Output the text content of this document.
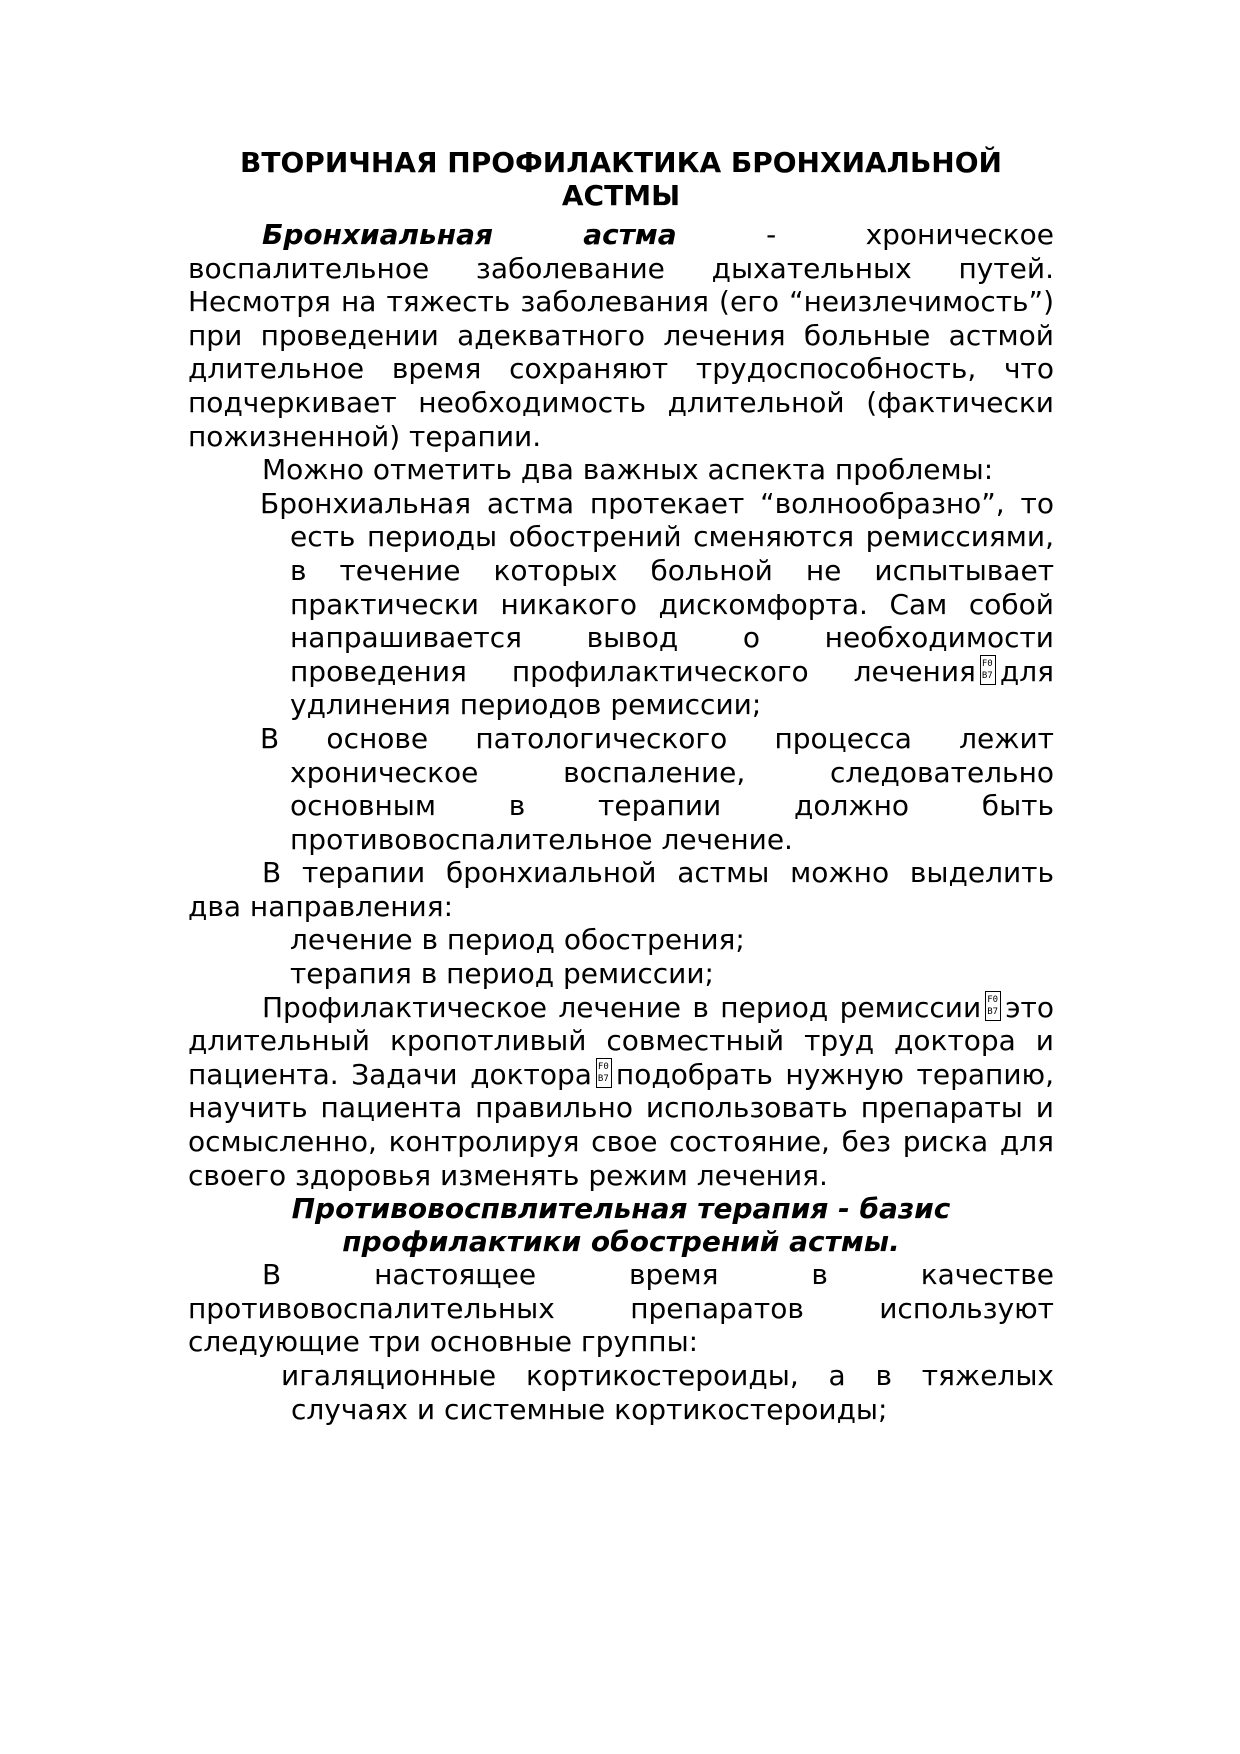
ВТОРИЧНАЯ ПРОФИЛАКТИКА БРОНХИАЛЬНОЙ АСТМЫ

Бронхиальная астма - хроническое воспалительное заболевание дыхательных путей. Несмотря на тяжесть заболевания (его “неизлечимость”) при проведении адекватного лечения больные астмой длительное время сохраняют трудоспособность, что подчеркивает необходимость длительной (фактически пожизненной) терапии.

Можно отметить два важных аспекта проблемы:

Бронхиальная астма протекает “волнообразно”, то есть периоды обострений сменяются ремиссиями, в течение которых больной не испытывает практически никакого дискомфорта. Сам собой напрашивается вывод о необходимости проведения профилактического лечения F0 B7 для удлинения периодов ремиссии;

В основе патологического процесса лежит хроническое воспаление, следовательно основным в терапии должно быть противовоспалительное лечение.

В терапии бронхиальной астмы можно выделить два направления:

лечение в период обострения;

терапия в период ремиссии;

Профилактическое лечение в период ремиссииF0 B7 это длительный кропотливый совместный труд доктора и пациента. Задачи доктора F0 B7 подобрать нужную терапию, научить пациента правильно использовать препараты и осмысленно, контролируя свое состояние, без риска для своего здоровья изменять режим лечения.

Противовоспвлительная терапия - базис
профилактики обострений астмы.

В настоящее время в качестве противовоспалительных препаратов используют следующие три основные группы:

игаляционные кортикостероиды, а в тяжелых случаях и системные кортикостероиды;
